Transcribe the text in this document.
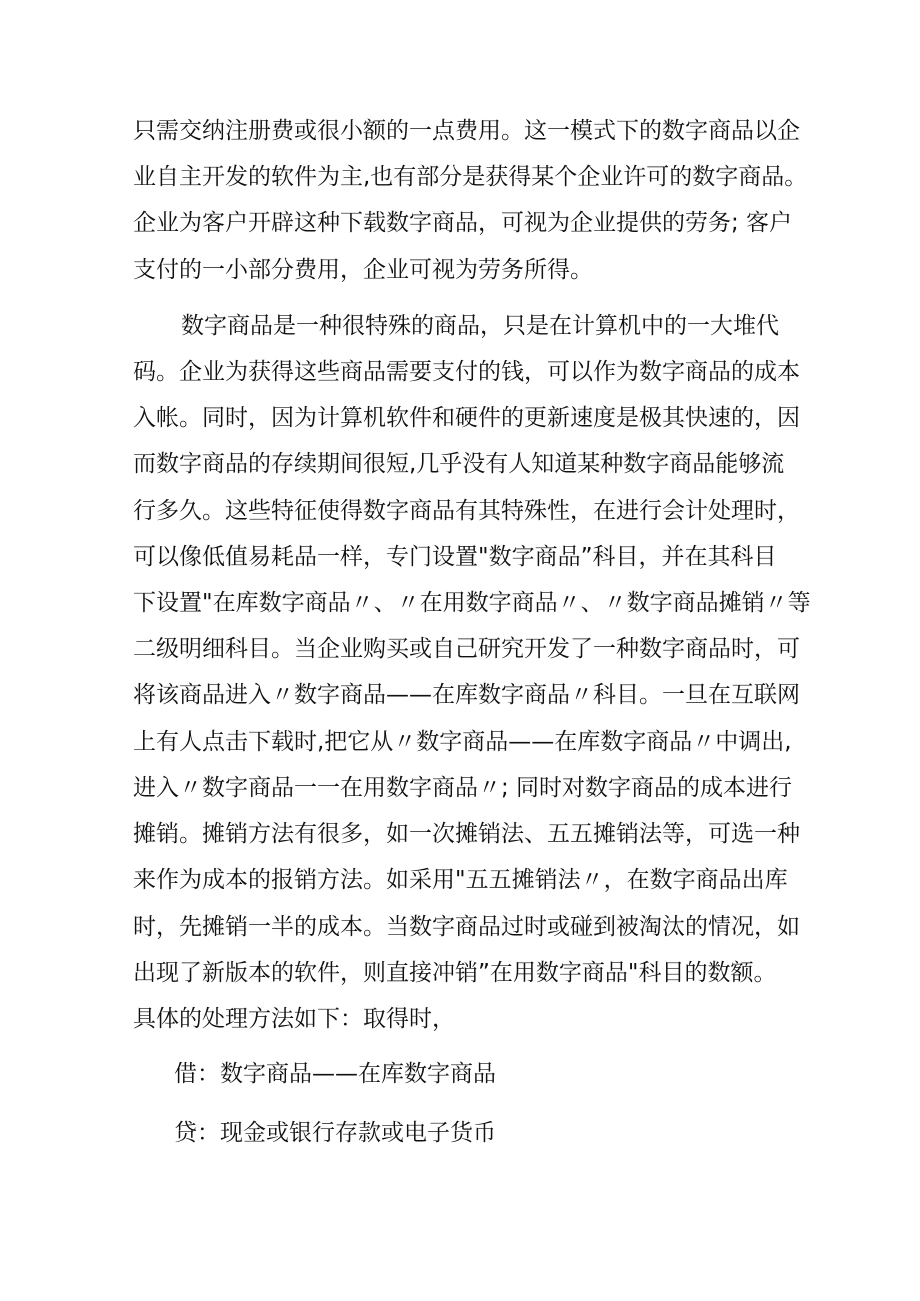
只需交纳注册费或很小额的一点费用。这一模式下的数字商品以企
业自主开发的软件为主,也有部分是获得某个企业许可的数字商品。
企业为客户开辟这种下载数字商品，可视为企业提供的劳务; 客户
支付的一小部分费用，企业可视为劳务所得。
数字商品是一种很特殊的商品，只是在计算机中的一大堆代
码。企业为获得这些商品需要支付的钱，可以作为数字商品的成本
入帐。同时，因为计算机软件和硬件的更新速度是极其快速的，因
而数字商品的存续期间很短,几乎没有人知道某种数字商品能够流
行多久。这些特征使得数字商品有其特殊性，在进行会计处理时，
可以像低值易耗品一样，专门设置"数字商品”科目，并在其科目
下设置"在库数字商品〃、〃在用数字商品〃、〃数字商品摊销〃等
二级明细科目。当企业购买或自己研究开发了一种数字商品时，可
将该商品进入〃数字商品——在库数字商品〃科目。一旦在互联网
上有人点击下载时,把它从〃数字商品——在库数字商品〃中调出,
进入〃数字商品一一在用数字商品〃; 同时对数字商品的成本进行
摊销。摊销方法有很多，如一次摊销法、五五摊销法等，可选一种
来作为成本的报销方法。如采用"五五摊销法〃，在数字商品出库
时，先摊销一半的成本。当数字商品过时或碰到被淘汰的情况，如
出现了新版本的软件，则直接冲销”在用数字商品"科目的数额。
具体的处理方法如下：取得时，
借：数字商品——在库数字商品
贷：现金或银行存款或电子货币
